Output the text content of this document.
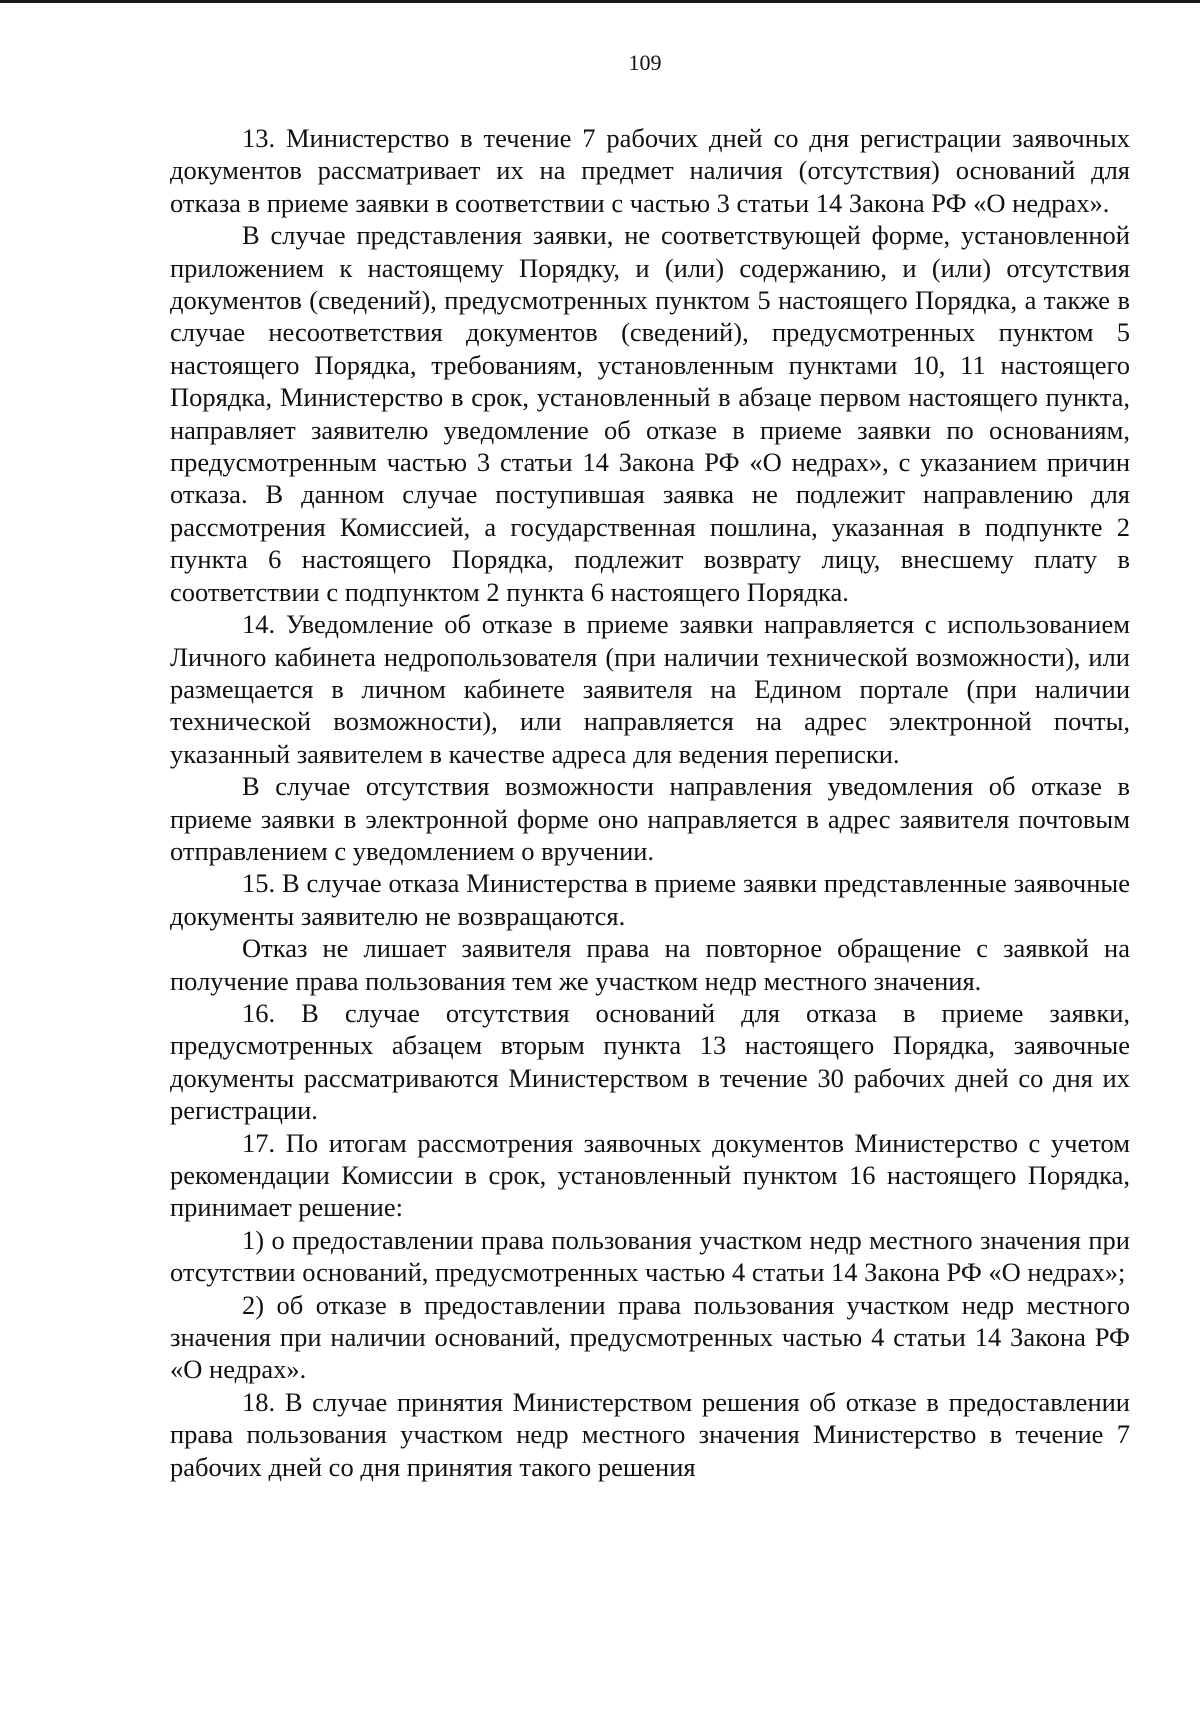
109

13. Министерство в течение 7 рабочих дней со дня регистрации заявочных документов рассматривает их на предмет наличия (отсутствия) оснований для отказа в приеме заявки в соответствии с частью 3 статьи 14 Закона РФ «О недрах».

В случае представления заявки, не соответствующей форме, установленной приложением к настоящему Порядку, и (или) содержанию, и (или) отсутствия документов (сведений), предусмотренных пунктом 5 настоящего Порядка, а также в случае несоответствия документов (сведений), предусмотренных пунктом 5 настоящего Порядка, требованиям, установленным пунктами 10, 11 настоящего Порядка, Министерство в срок, установленный в абзаце первом настоящего пункта, направляет заявителю уведомление об отказе в приеме заявки по основаниям, предусмотренным частью 3 статьи 14 Закона РФ «О недрах», с указанием причин отказа. В данном случае поступившая заявка не подлежит направлению для рассмотрения Комиссией, а государственная пошлина, указанная в подпункте 2 пункта 6 настоящего Порядка, подлежит возврату лицу, внесшему плату в соответствии с подпунктом 2 пункта 6 настоящего Порядка.

14. Уведомление об отказе в приеме заявки направляется с использованием Личного кабинета недропользователя (при наличии технической возможности), или размещается в личном кабинете заявителя на Едином портале (при наличии технической возможности), или направляется на адрес электронной почты, указанный заявителем в качестве адреса для ведения переписки.

В случае отсутствия возможности направления уведомления об отказе в приеме заявки в электронной форме оно направляется в адрес заявителя почтовым отправлением с уведомлением о вручении.

15. В случае отказа Министерства в приеме заявки представленные заявочные документы заявителю не возвращаются.

Отказ не лишает заявителя права на повторное обращение с заявкой на получение права пользования тем же участком недр местного значения.

16. В случае отсутствия оснований для отказа в приеме заявки, предусмотренных абзацем вторым пункта 13 настоящего Порядка, заявочные документы рассматриваются Министерством в течение 30 рабочих дней со дня их регистрации.

17. По итогам рассмотрения заявочных документов Министерство с учетом рекомендации Комиссии в срок, установленный пунктом 16 настоящего Порядка, принимает решение:

1) о предоставлении права пользования участком недр местного значения при отсутствии оснований, предусмотренных частью 4 статьи 14 Закона РФ «О недрах»;

2) об отказе в предоставлении права пользования участком недр местного значения при наличии оснований, предусмотренных частью 4 статьи 14 Закона РФ «О недрах».

18. В случае принятия Министерством решения об отказе в предоставлении права пользования участком недр местного значения Министерство в течение 7 рабочих дней со дня принятия такого решения
